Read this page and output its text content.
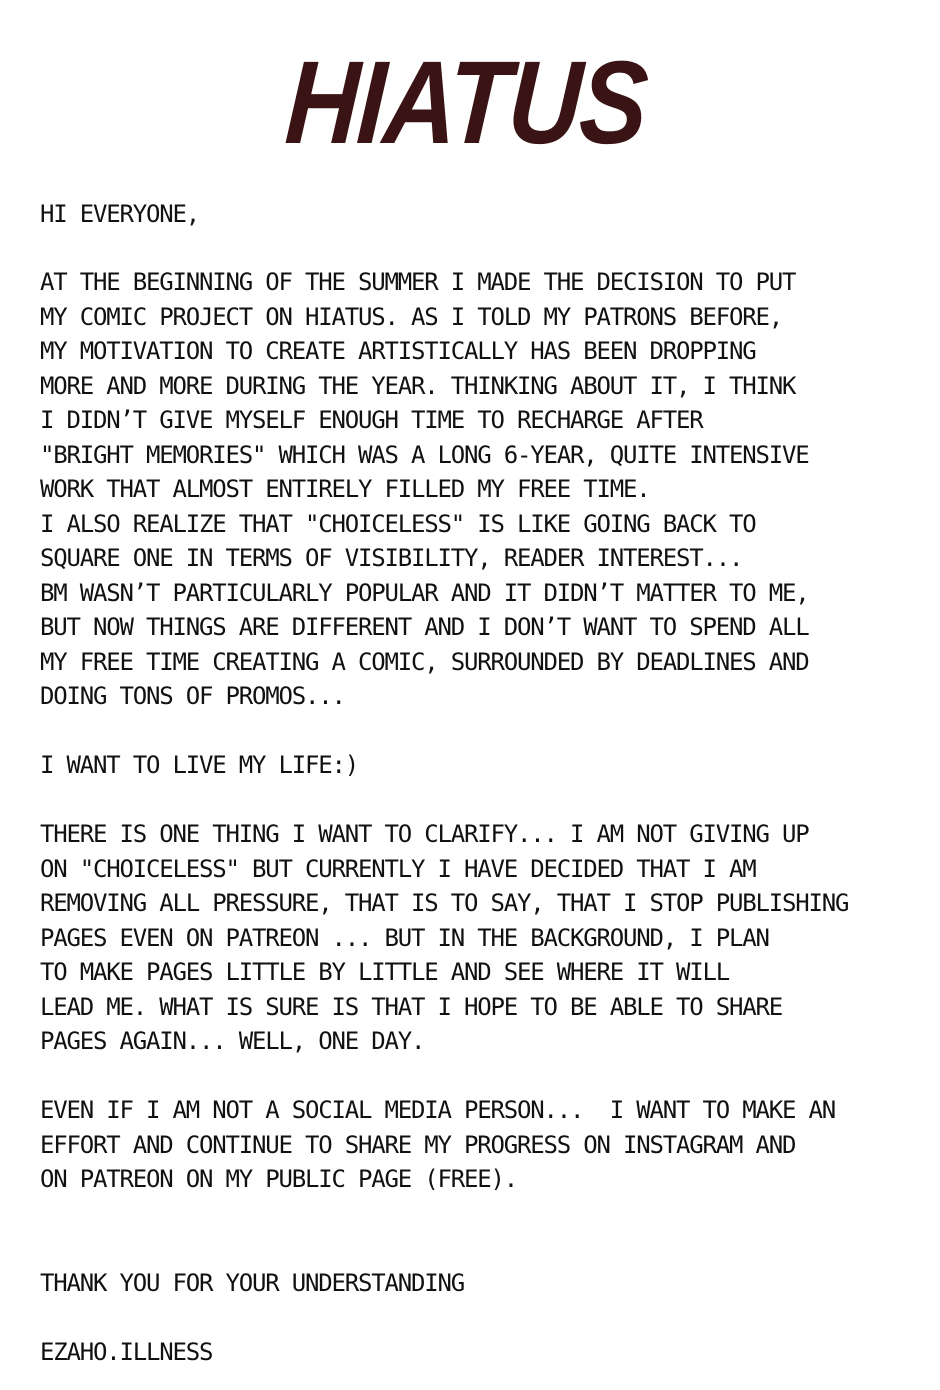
HIATUS
HI EVERYONE,
AT THE BEGINNING OF THE SUMMER I MADE THE DECISION TO PUT
MY COMIC PROJECT ON HIATUS. AS I TOLD MY PATRONS BEFORE,
MY MOTIVATION TO CREATE ARTISTICALLY HAS BEEN DROPPING
MORE AND MORE DURING THE YEAR. THINKING ABOUT IT, I THINK
I DIDN’T GIVE MYSELF ENOUGH TIME TO RECHARGE AFTER
"BRIGHT MEMORIES" WHICH WAS A LONG 6-YEAR, QUITE INTENSIVE
WORK THAT ALMOST ENTIRELY FILLED MY FREE TIME.
I ALSO REALIZE THAT "CHOICELESS" IS LIKE GOING BACK TO
SQUARE ONE IN TERMS OF VISIBILITY, READER INTEREST...
BM WASN’T PARTICULARLY POPULAR AND IT DIDN’T MATTER TO ME,
BUT NOW THINGS ARE DIFFERENT AND I DON’T WANT TO SPEND ALL
MY FREE TIME CREATING A COMIC, SURROUNDED BY DEADLINES AND
DOING TONS OF PROMOS...
I WANT TO LIVE MY LIFE:)
THERE IS ONE THING I WANT TO CLARIFY... I AM NOT GIVING UP
ON "CHOICELESS" BUT CURRENTLY I HAVE DECIDED THAT I AM
REMOVING ALL PRESSURE, THAT IS TO SAY, THAT I STOP PUBLISHING
PAGES EVEN ON PATREON ... BUT IN THE BACKGROUND, I PLAN
TO MAKE PAGES LITTLE BY LITTLE AND SEE WHERE IT WILL
LEAD ME. WHAT IS SURE IS THAT I HOPE TO BE ABLE TO SHARE
PAGES AGAIN... WELL, ONE DAY.
EVEN IF I AM NOT A SOCIAL MEDIA PERSON...  I WANT TO MAKE AN
EFFORT AND CONTINUE TO SHARE MY PROGRESS ON INSTAGRAM AND
ON PATREON ON MY PUBLIC PAGE (FREE).
THANK YOU FOR YOUR UNDERSTANDING
EZAHO.ILLNESS
